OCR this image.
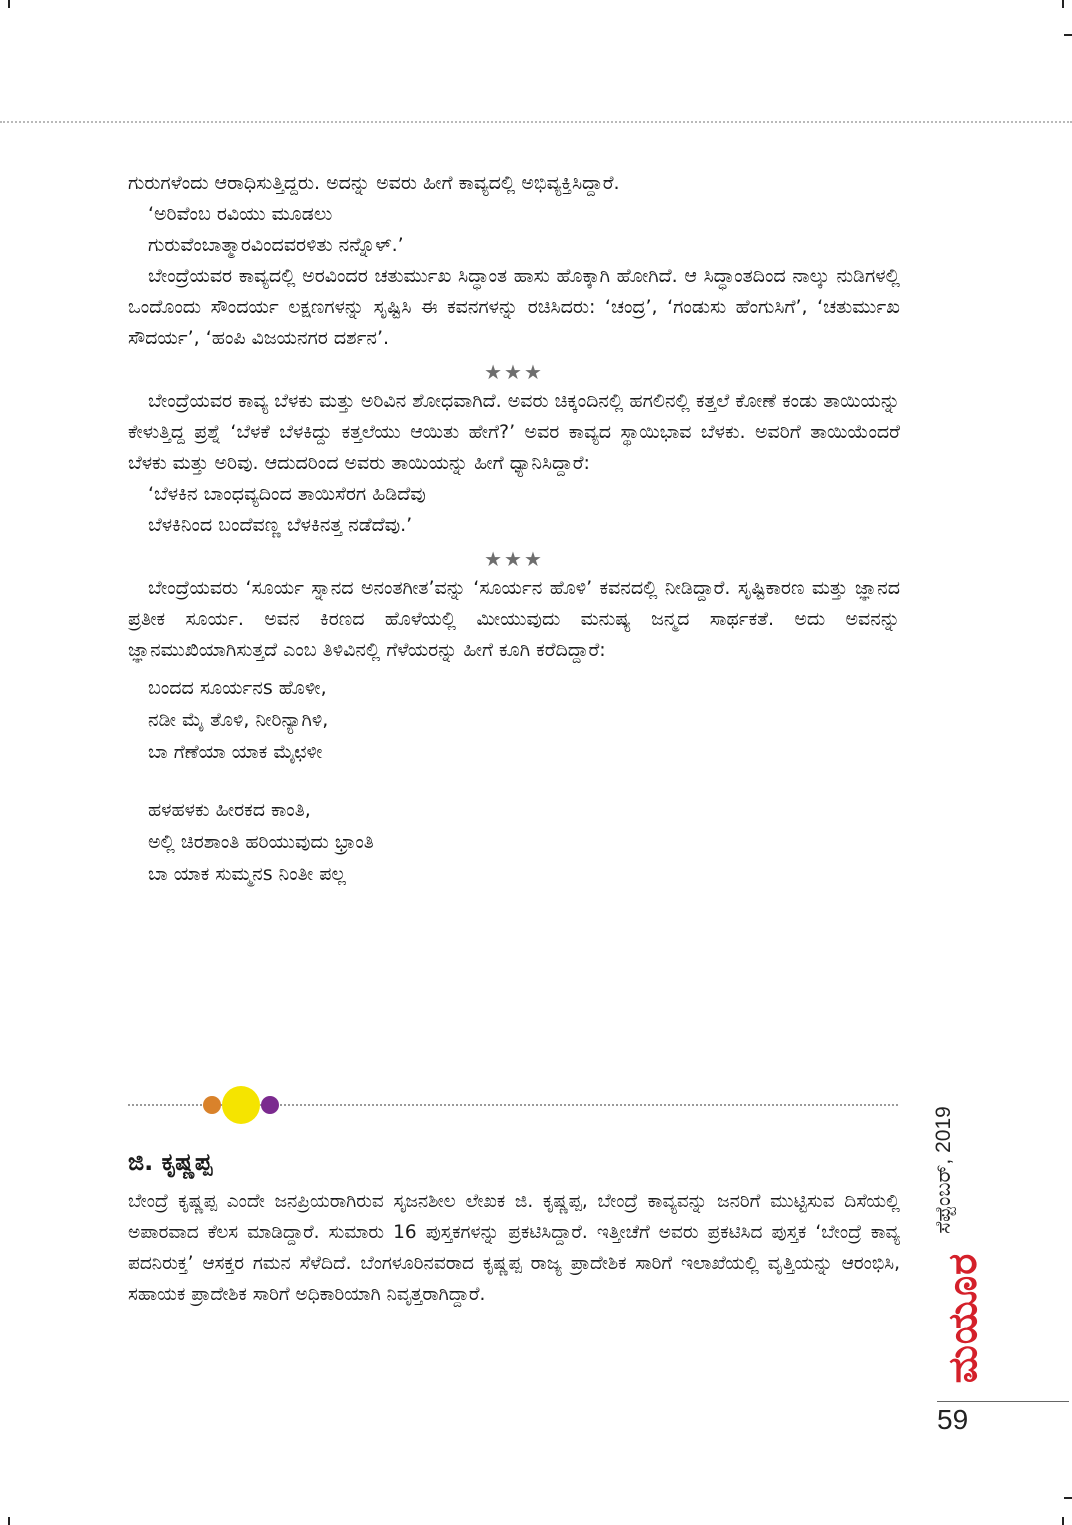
ಗುರುಗಳೆಂದು ಆರಾಧಿಸುತ್ತಿದ್ದರು. ಅದನ್ನು ಅವರು ಹೀಗೆ ಕಾವ್ಯದಲ್ಲಿ ಅಭಿವ್ಯಕ್ತಿಸಿದ್ದಾರೆ.

‘ಅರಿವೆಂಬ ರವಿಯು ಮೂಡಲು
ಗುರುವೆಂಬಾತ್ಮಾರವಿಂದವರಳಿತು ನನ್ನೊಳ್.’

ಬೇಂದ್ರೆಯವರ ಕಾವ್ಯದಲ್ಲಿ ಅರವಿಂದರ ಚತುರ್ಮುಖ ಸಿದ್ಧಾಂತ ಹಾಸು ಹೊಕ್ಕಾಗಿ ಹೋಗಿದೆ. ಆ ಸಿದ್ಧಾಂತದಿಂದ ನಾಲ್ಕು ನುಡಿಗಳಲ್ಲಿ ಒಂದೊಂದು ಸೌಂದರ್ಯ ಲಕ್ಷಣಗಳನ್ನು ಸೃಷ್ಟಿಸಿ ಈ ಕವನಗಳನ್ನು ರಚಿಸಿದರು: ‘ಚಂದ್ರ’, ‘ಗಂಡುಸು ಹೆಂಗುಸಿಗೆ’, ‘ಚತುರ್ಮುಖ ಸೌದರ್ಯ’, ‘ಹಂಪಿ ವಿಜಯನಗರ ದರ್ಶನ’.

★★★

ಬೇಂದ್ರೆಯವರ ಕಾವ್ಯ ಬೆಳಕು ಮತ್ತು ಅರಿವಿನ ಶೋಧವಾಗಿದೆ. ಅವರು ಚಿಕ್ಕಂದಿನಲ್ಲಿ ಹಗಲಿನಲ್ಲಿ ಕತ್ತಲೆ ಕೋಣೆ ಕಂಡು ತಾಯಿಯನ್ನು ಕೇಳುತ್ತಿದ್ದ ಪ್ರಶ್ನೆ ‘ಬೆಳಕೆ ಬೆಳಕಿದ್ದು ಕತ್ತಲೆಯು ಆಯಿತು ಹೇಗೆ?’ ಅವರ ಕಾವ್ಯದ ಸ್ಥಾಯಿಭಾವ ಬೆಳಕು. ಅವರಿಗೆ ತಾಯಿಯೆಂದರೆ ಬೆಳಕು ಮತ್ತು ಅರಿವು. ಆದುದರಿಂದ ಅವರು ತಾಯಿಯನ್ನು ಹೀಗೆ ಧ್ಯಾನಿಸಿದ್ದಾರೆ:

‘ಬೆಳಕಿನ ಬಾಂಧವ್ಯದಿಂದ ತಾಯಿಸೆರಗ ಹಿಡಿದೆವು
ಬೆಳಕಿನಿಂದ ಬಂದೆವಣ್ಣ ಬೆಳಕಿನತ್ತ ನಡೆದೆವು.’
★★★

ಬೇಂದ್ರೆಯವರು ‘ಸೂರ್ಯ ಸ್ನಾನದ ಅನಂತಗೀತ’ವನ್ನು ‘ಸೂರ್ಯನ ಹೊಳಿ’ ಕವನದಲ್ಲಿ ನೀಡಿದ್ದಾರೆ. ಸೃಷ್ಟಿಕಾರಣ ಮತ್ತು ಜ್ಞಾನದ ಪ್ರತೀಕ ಸೂರ್ಯ. ಅವನ ಕಿರಣದ ಹೊಳೆಯಲ್ಲಿ ಮೀಯುವುದು ಮನುಷ್ಯ ಜನ್ಮದ ಸಾರ್ಥಕತೆ. ಅದು ಅವನನ್ನು ಜ್ಞಾನಮುಖಿಯಾಗಿಸುತ್ತದೆ ಎಂಬ ತಿಳಿವಿನಲ್ಲಿ ಗೆಳೆಯರನ್ನು ಹೀಗೆ ಕೂಗಿ ಕರೆದಿದ್ದಾರೆ:

ಬಂದದ ಸೂರ್ಯನs ಹೊಳೀ,
ನಡೀ ಮೈ ತೊಳಿ, ನೀರಿನ್ಯಾಗಿಳಿ,
ಬಾ ಗೆಣೆಯಾ ಯಾಕ ಮೈಛಳೀ
ಹಳಹಳಕು ಹೀರಕದ ಕಾಂತಿ,
ಅಲ್ಲಿ ಚಿರಶಾಂತಿ ಹರಿಯುವುದು ಭ್ರಾಂತಿ
ಬಾ ಯಾಕ ಸುಮ್ಮನs ನಿಂತೀ ಪಲ್ಲ
ಜಿ. ಕೃಷ್ಣಪ್ಪ

ಬೇಂದ್ರೆ ಕೃಷ್ಣಪ್ಪ ಎಂದೇ ಜನಪ್ರಿಯರಾಗಿರುವ ಸೃಜನಶೀಲ ಲೇಖಕ ಜಿ. ಕೃಷ್ಣಪ್ಪ, ಬೇಂದ್ರೆ ಕಾವ್ಯವನ್ನು ಜನರಿಗೆ ಮುಟ್ಟಿಸುವ ದಿಸೆಯಲ್ಲಿ ಅಪಾರವಾದ ಕೆಲಸ ಮಾಡಿದ್ದಾರೆ. ಸುಮಾರು 16 ಪುಸ್ತಕಗಳನ್ನು ಪ್ರಕಟಿಸಿದ್ದಾರೆ. ಇತ್ತೀಚೆಗೆ ಅವರು ಪ್ರಕಟಿಸಿದ ಪುಸ್ತಕ ‘ಬೇಂದ್ರೆ ಕಾವ್ಯ ಪದನಿರುಕ್ತ’ ಆಸಕ್ತರ ಗಮನ ಸೆಳೆದಿದೆ. ಬೆಂಗಳೂರಿನವರಾದ ಕೃಷ್ಣಪ್ಪ ರಾಜ್ಯ ಪ್ರಾದೇಶಿಕ ಸಾರಿಗೆ ಇಲಾಖೆಯಲ್ಲಿ ವೃತ್ತಿಯನ್ನು ಆರಂಭಿಸಿ, ಸಹಾಯಕ ಪ್ರಾದೇಶಿಕ ಸಾರಿಗೆ ಅಧಿಕಾರಿಯಾಗಿ ನಿವೃತ್ತರಾಗಿದ್ದಾರೆ.

ಸೆಪ್ಟೆಂಬರ್, 2019
ಮಯೂರ
59
